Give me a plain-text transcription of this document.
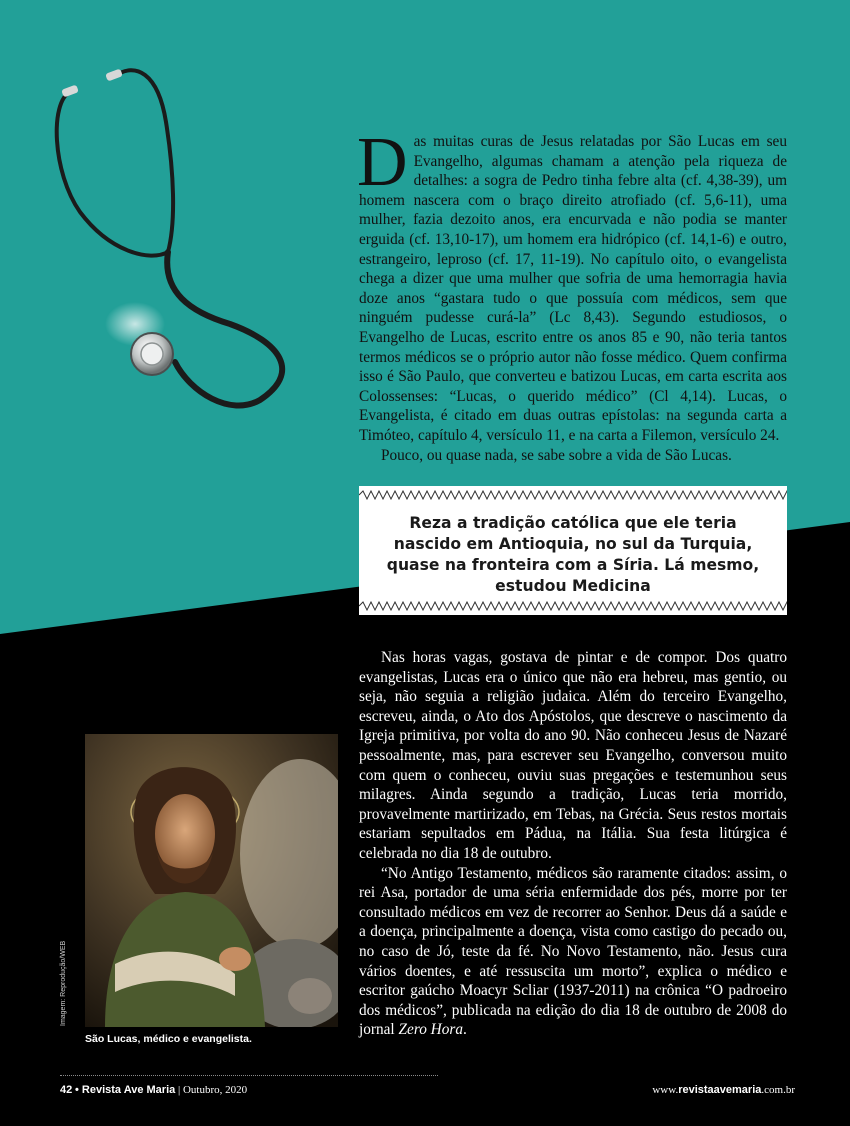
D as muitas curas de Jesus relatadas por São Lucas em seu Evangelho, algumas chamam a atenção pela riqueza de detalhes: a sogra de Pedro tinha febre alta (cf. 4,38-39), um homem nascera com o braço direito atrofiado (cf. 5,6-11), uma mulher, fazia dezoito anos, era encurvada e não podia se manter erguida (cf. 13,10-17), um homem era hidrópico (cf. 14,1-6) e outro, estrangeiro, leproso (cf. 17, 11-19). No capítulo oito, o evangelista chega a dizer que uma mulher que sofria de uma hemorragia havia doze anos “gastara tudo o que possuía com médicos, sem que ninguém pudesse curá-la” (Lc 8,43). Segundo estudiosos, o Evangelho de Lucas, escrito entre os anos 85 e 90, não teria tantos termos médicos se o próprio autor não fosse médico. Quem confirma isso é São Paulo, que converteu e batizou Lucas, em carta escrita aos Colossenses: “Lucas, o querido médico” (Cl 4,14). Lucas, o Evangelista, é citado em duas outras epístolas: na segunda carta a Timóteo, capítulo 4, versículo 11, e na carta a Filemon, versículo 24.

Pouco, ou quase nada, se sabe sobre a vida de São Lucas.

Reza a tradição católica que ele teria nascido em Antioquia, no sul da Turquia, quase na fronteira com a Síria. Lá mesmo, estudou Medicina

Nas horas vagas, gostava de pintar e de compor. Dos quatro evangelistas, Lucas era o único que não era hebreu, mas gentio, ou seja, não seguia a religião judaica. Além do terceiro Evangelho, escreveu, ainda, o Ato dos Apóstolos, que descreve o nascimento da Igreja primitiva, por volta do ano 90. Não conheceu Jesus de Nazaré pessoalmente, mas, para escrever seu Evangelho, conversou muito com quem o conheceu, ouviu suas pregações e testemunhou seus milagres. Ainda segundo a tradição, Lucas teria morrido, provavelmente martirizado, em Tebas, na Grécia. Seus restos mortais estariam sepultados em Pádua, na Itália. Sua festa litúrgica é celebrada no dia 18 de outubro.

“No Antigo Testamento, médicos são raramente citados: assim, o rei Asa, portador de uma séria enfermidade dos pés, morre por ter consultado médicos em vez de recorrer ao Senhor. Deus dá a saúde e a doença, principalmente a doença, vista como castigo do pecado ou, no caso de Jó, teste da fé. No Novo Testamento, não. Jesus cura vários doentes, e até ressuscita um morto”, explica o médico e escritor gaúcho Moacyr Scliar (1937-2011) na crônica “O padroeiro dos médicos”, publicada na edição do dia 18 de outubro de 2008 do jornal Zero Hora.

Imagem: Reprodução/WEB
São Lucas, médico e evangelista.
42 • Revista Ave Maria | Outubro, 2020	www.revistaavemaria.com.br
